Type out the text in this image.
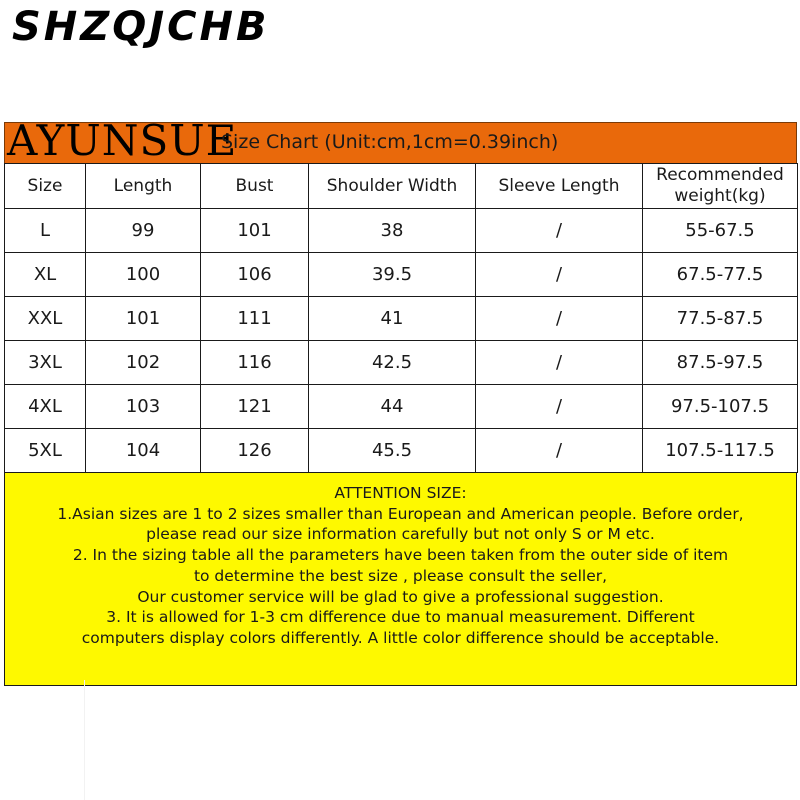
SHZQJCHB
AYUNSUE
Size Chart (Unit:cm,1cm=0.39inch)
Size	Length	Bust	Shoulder Width	Sleeve Length	Recommended
weight(kg)
L	99	101	38	/	55-67.5
XL	100	106	39.5	/	67.5-77.5
XXL	101	111	41	/	77.5-87.5
3XL	102	116	42.5	/	87.5-97.5
4XL	103	121	44	/	97.5-107.5
5XL	104	126	45.5	/	107.5-117.5
ATTENTION SIZE:
1.Asian sizes are 1 to 2 sizes smaller than European and American people. Before order,
please read our size information carefully but not only S or M etc.
2. In the sizing table all the parameters have been taken from the outer side of item
to determine the best size , please consult the seller,
Our customer service will be glad to give a professional suggestion.
3. It is allowed for 1-3 cm difference due to manual measurement. Different
computers display colors differently. A little color difference should be acceptable.
